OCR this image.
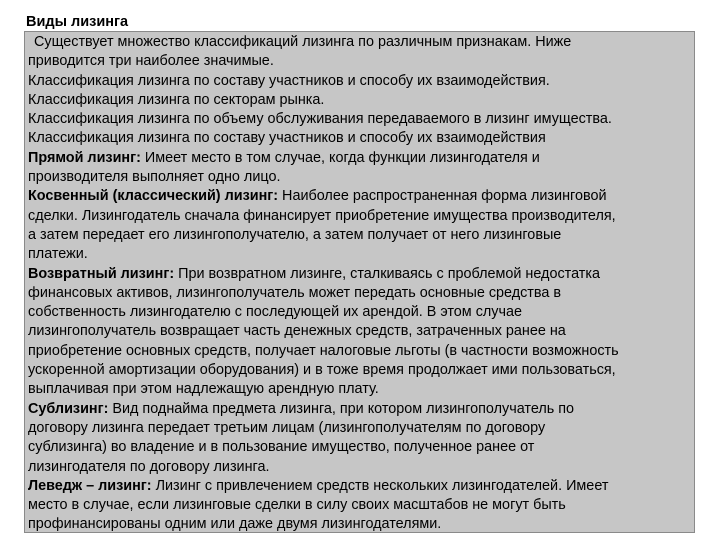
Виды лизинга
Существует множество классификаций лизинга по различным признакам. Ниже
приводится три наиболее значимые.
Классификация лизинга по составу участников и способу их взаимодействия.
Классификация лизинга по секторам рынка.
Классификация лизинга по объему обслуживания передаваемого в лизинг имущества.
Классификация лизинга по составу участников и способу их взаимодействия
Прямой лизинг: Имеет место в том случае, когда функции лизингодателя и
производителя выполняет одно лицо.
Косвенный (классический) лизинг: Наиболее распространенная форма лизинговой
сделки. Лизингодатель сначала финансирует приобретение имущества производителя,
а затем передает его лизингополучателю, а затем получает от него лизинговые
платежи.
Возвратный лизинг: При возвратном лизинге, сталкиваясь с проблемой недостатка
финансовых активов, лизингополучатель может передать основные средства в
собственность лизингодателю с последующей их арендой. В этом случае
лизингополучатель возвращает часть денежных средств, затраченных ранее на
приобретение основных средств, получает налоговые льготы (в частности возможность
ускоренной амортизации оборудования) и в тоже время продолжает ими пользоваться,
выплачивая при этом надлежащую арендную плату.
Сублизинг: Вид поднайма предмета лизинга, при котором лизингополучатель по
договору лизинга передает третьим лицам (лизингополучателям по договору
сублизинга) во владение и в пользование имущество, полученное ранее от
лизингодателя по договору лизинга.
Леведж – лизинг: Лизинг с привлечением средств нескольких лизингодателей. Имеет
место в случае, если лизинговые сделки в силу своих масштабов не могут быть
профинансированы одним или даже двумя лизингодателями.
